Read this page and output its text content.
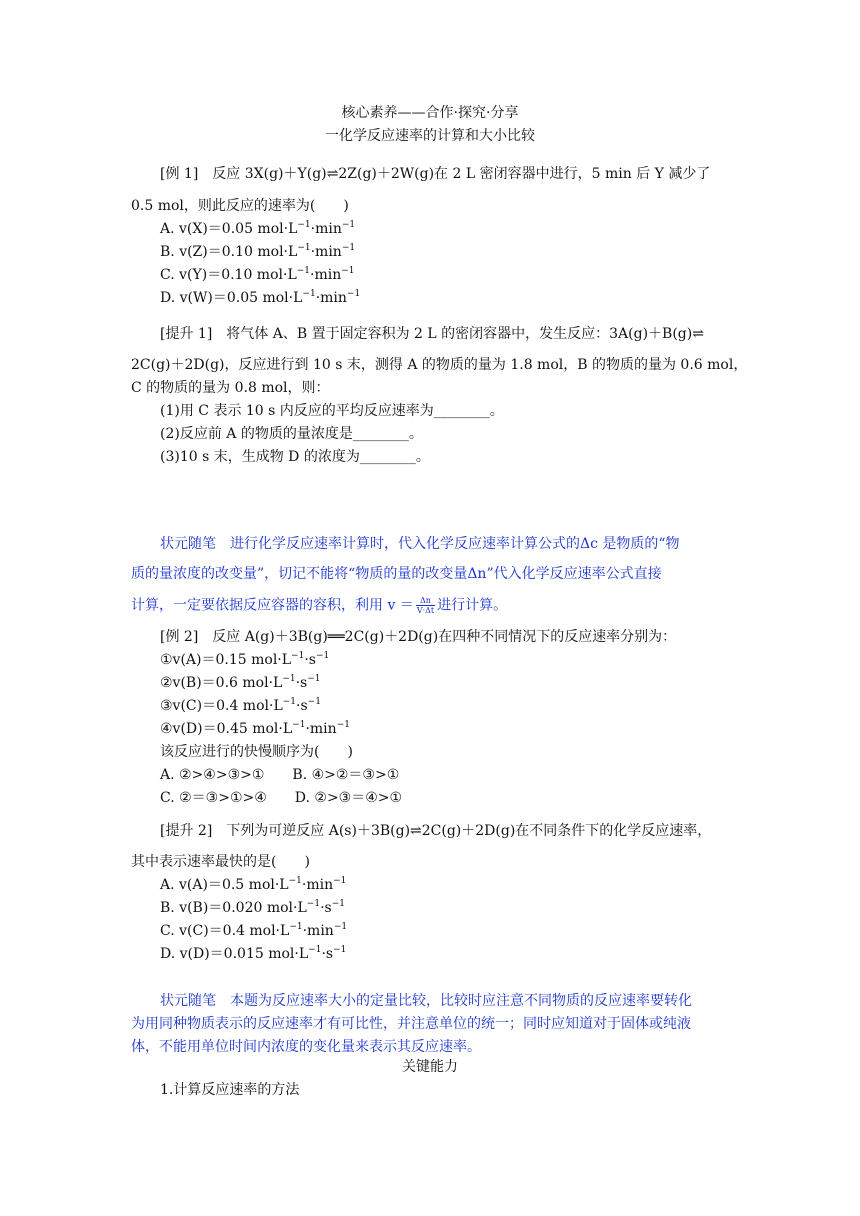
核心素养——合作·探究·分享
一化学反应速率的计算和大小比较
[例 1]　反应 3X(g)＋Y(g)⇌2Z(g)＋2W(g)在 2 L 密闭容器中进行，5 min 后 Y 减少了
0.5 mol，则此反应的速率为(　　)
A. v(X)＝0.05 $mol\cdot L^{-1}\cdot\min^{-1}$
B. v(Z)＝0.10 $mol\cdot L^{-1}\cdot\min^{-1}$
C. v(Y)＝0.10 $mol\cdot L^{-1}\cdot\min^{-1}$
D. v(W)＝0.05 $mol\cdot L^{-1}\cdot\min^{-1}$
[提升 1]　将气体 A、B 置于固定容积为 2 L 的密闭容器中，发生反应：3A(g)＋B(g)⇌
2C(g)＋2D(g)，反应进行到 10 s 末，测得 A 的物质的量为 1.8 mol，B 的物质的量为 0.6 mol，
C 的物质的量为 0.8 mol，则：
(1)用 C 表示 10 s 内反应的平均反应速率为________。
(2)反应前 A 的物质的量浓度是________。
(3)10 s 末，生成物 D 的浓度为________。
状元随笔　进行化学反应速率计算时，代入化学反应速率计算公式的Δc 是物质的“物
质的量浓度的改变量”，切记不能将“物质的量的改变量Δn”代入化学反应速率公式直接
计算，一定要依据反应容器的容积，利用 $v = \frac{\Delta n}{V\cdot\Delta t}$ 进行计算。
[例 2]　反应 A(g)＋3B(g)══2C(g)＋2D(g)在四种不同情况下的反应速率分别为：
①v(A)＝0.15 $mol\cdot L^{-1}\cdot s^{-1}$
②v(B)＝0.6 $mol\cdot L^{-1}\cdot s^{-1}$
③v(C)＝0.4 $mol\cdot L^{-1}\cdot s^{-1}$
④v(D)＝0.45 $mol\cdot L^{-1}\cdot\min^{-1}$
该反应进行的快慢顺序为(　　)
A. ②>④>③>①　　B. ④>②＝③>①
C. ②＝③>①>④　　D. ②>③＝④>①
[提升 2]　下列为可逆反应 A(s)＋3B(g)⇌2C(g)＋2D(g)在不同条件下的化学反应速率，
其中表示速率最快的是(　　)
A. v(A)＝0.5 $mol\cdot L^{-1}\cdot\min^{-1}$
B. v(B)＝0.020 $mol\cdot L^{-1}\cdot s^{-1}$
C. v(C)＝0.4 $mol\cdot L^{-1}\cdot\min^{-1}$
D. v(D)＝0.015 $mol\cdot L^{-1}\cdot s^{-1}$
状元随笔　本题为反应速率大小的定量比较，比较时应注意不同物质的反应速率要转化
为用同种物质表示的反应速率才有可比性，并注意单位的统一；同时应知道对于固体或纯液
体，不能用单位时间内浓度的变化量来表示其反应速率。
关键能力
1.计算反应速率的方法
